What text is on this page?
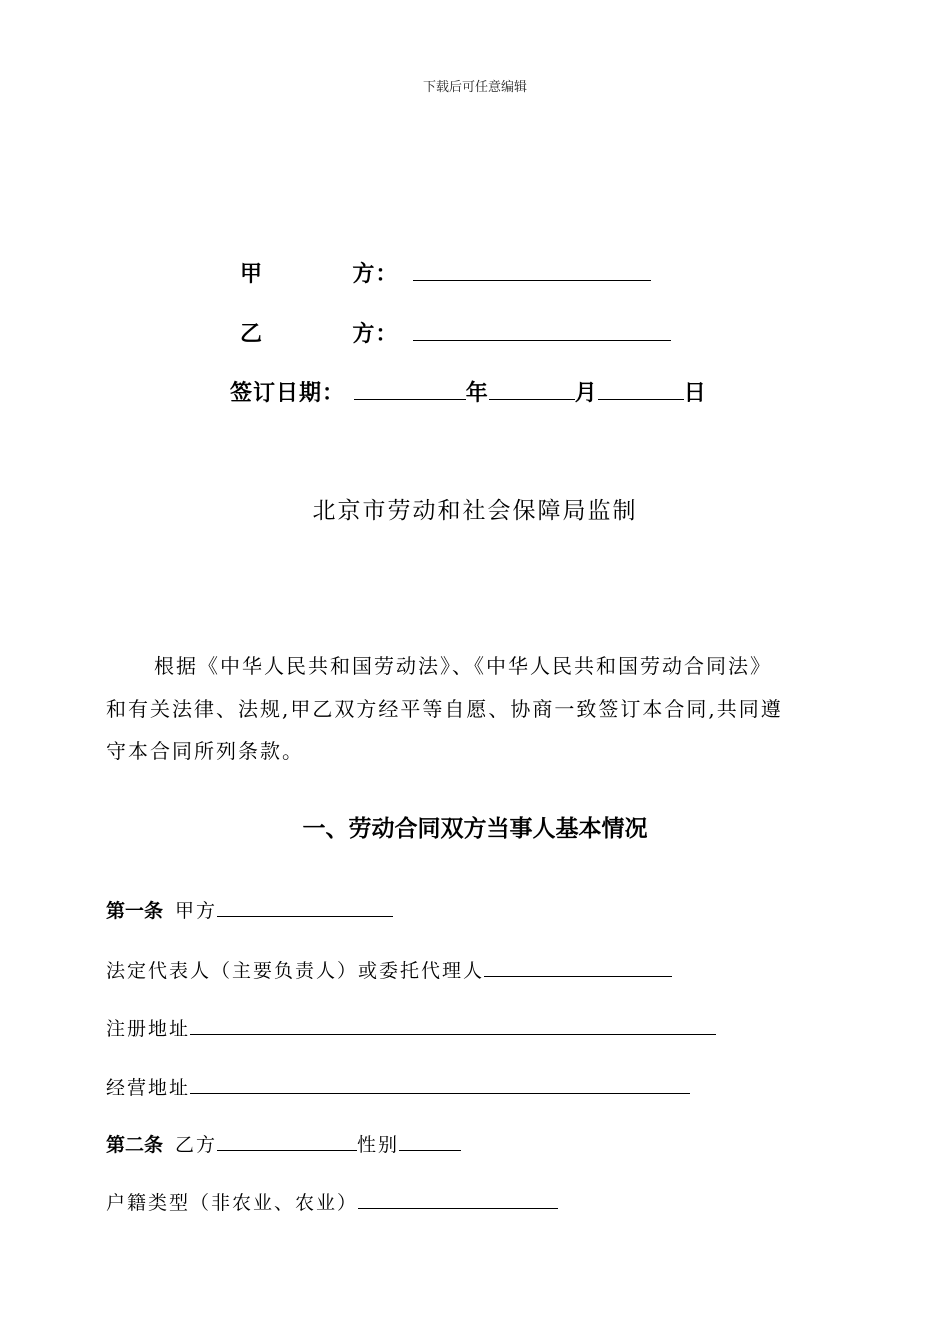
下载后可任意编辑
甲	方：
乙	方：
签订日期：	年	月	日
北京市劳动和社会保障局监制
根据《中华人民共和国劳动法》、《中华人民共和国劳动合同法》
和有关法律、法规,甲乙双方经平等自愿、协商一致签订本合同,共同遵
守本合同所列条款。
一、劳动合同双方当事人基本情况
第一条 甲方
法定代表人（主要负责人）或委托代理人
注册地址
经营地址
第二条 乙方	性别
户籍类型（非农业、农业）
